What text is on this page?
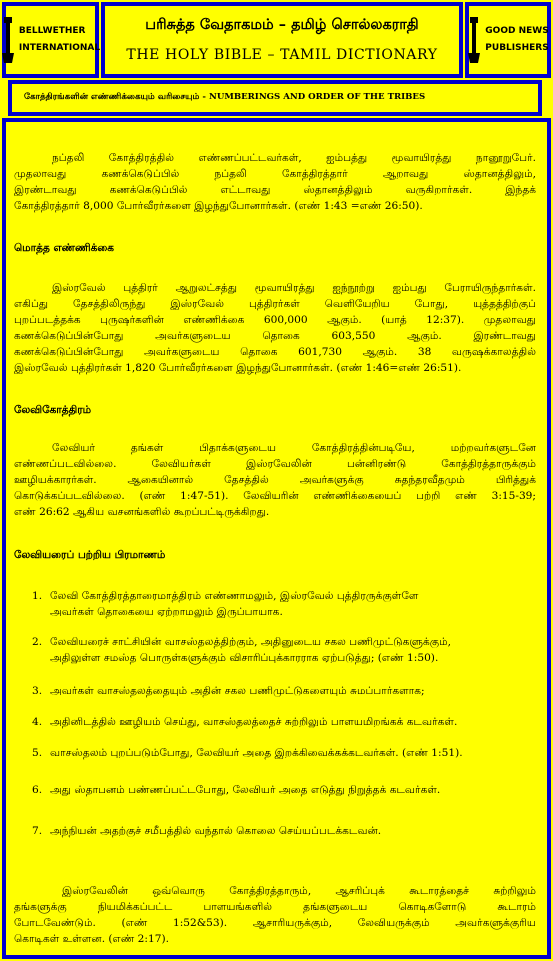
BELLWETHER
INTERNATIONAL
பரிசுத்த வேதாகமம் – தமிழ் சொல்லகராதி
THE HOLY BIBLE – TAMIL DICTIONARY
GOOD NEWS
PUBLISHERS
கோத்திரங்களின் எண்ணிக்கையும் வரிசையும் - NUMBERINGS AND ORDER OF THE TRIBES
நப்தலி கோத்திரத்தில் எண்ணப்பட்டவர்கள், ஐம்பத்து மூவாயிரத்து நானூறுபேர்.
முதலாவது கணக்கெடுப்பில் நப்தலி கோத்திரத்தார் ஆறாவது ஸ்தானத்திலும்,
இரண்டாவது கணக்கெடுப்பில் எட்டாவது ஸ்தானத்திலும் வருகிறார்கள். இந்தக்
கோத்திரத்தார் 8,000 போர்வீரர்களை இழந்துபோனார்கள். (எண் 1:43 =எண் 26:50).
மொத்த எண்ணிக்கை
இஸ்ரவேல் புத்திரர் ஆறுலட்சத்து மூவாயிரத்து ஐந்நூற்று ஐம்பது பேராயிருந்தார்கள்.
எகிப்து தேசத்திலிருந்து இஸ்ரவேல் புத்திரர்கள் வெளியேறிய போது, யுத்தத்திற்குப்
புறப்படத்தக்க புருஷர்களின் எண்ணிக்கை 600,000 ஆகும். (யாத் 12:37). முதலாவது
கணக்கெடுப்பின்போது அவர்களுடைய தொகை 603,550 ஆகும். இரண்டாவது
கணக்கெடுப்பின்போது அவர்களுடைய தொகை 601,730 ஆகும். 38 வருஷக்காலத்தில்
இஸ்ரவேல் புத்திரர்கள் 1,820 போர்வீரர்களை இழந்துபோனார்கள். (எண் 1:46=எண் 26:51).
லேவிகோத்திரம்
லேவியர் தங்கள் பிதாக்களுடைய கோத்திரத்தின்படியே, மற்றவர்களுடனே
எண்ணப்படவில்லை. லேவியர்கள் இஸ்ரவேலின் பன்னிரண்டு கோத்திரத்தாருக்கும்
ஊழியக்காரர்கள். ஆகையினால் தேசத்தில் அவர்களுக்கு சுதந்தரவீதமும் பிரித்துக்
கொடுக்கப்படவில்லை. (எண் 1:47-51). லேவியரின் எண்ணிக்கையைப் பற்றி எண் 3:15-39;
எண் 26:62 ஆகிய வசனங்களில் கூறப்பட்டிருக்கிறது.
லேவியரைப் பற்றிய பிரமாணம்
1. லேவி கோத்திரத்தாரைமாத்திரம் எண்ணாமலும், இஸ்ரவேல் புத்திரருக்குள்ளே
அவர்கள் தொகையை ஏற்றாமலும் இருப்பாயாக.
2. லேவியரைச் சாட்சியின் வாசஸ்தலத்திற்கும், அதினுடைய சகல பணிமுட்டுகளுக்கும்,
அதிலுள்ள சமஸ்த பொருள்களுக்கும் விசாரிப்புக்காரராக ஏற்படுத்து; (எண் 1:50).
3. அவர்கள் வாசஸ்தலத்தையும் அதின் சகல பணிமுட்டுகளையும் சுமப்பார்களாக;
4. அதினிடத்தில் ஊழியம் செய்து, வாசஸ்தலத்தைச் சுற்றிலும் பாளயமிறங்கக் கடவர்கள்.
5. வாசஸ்தலம் புறப்படும்போது, லேவியர் அதை இறக்கிவைக்கக்கடவர்கள். (எண் 1:51).
6. அது ஸ்தாபனம் பண்ணப்பட்டபோது, லேவியர் அதை எடுத்து நிறுத்தக் கடவர்கள்.
7. அந்நியன் அதற்குச் சமீபத்தில் வந்தால் கொலை செய்யப்படக்கடவன்.
இஸ்ரவேலின் ஒவ்வொரு கோத்திரத்தாரும், ஆசரிப்புக் கூடாரத்தைச் சுற்றிலும்
தங்களுக்கு நியமிக்கப்பட்ட பாளயங்களில் தங்களுடைய கொடிகளோடு கூடாரம்
போடவேண்டும். (எண் 1:52&53). ஆசாரியருக்கும், லேவியருக்கும் அவர்களுக்குரிய
கொடிகள் உள்ளன. (எண் 2:17).
